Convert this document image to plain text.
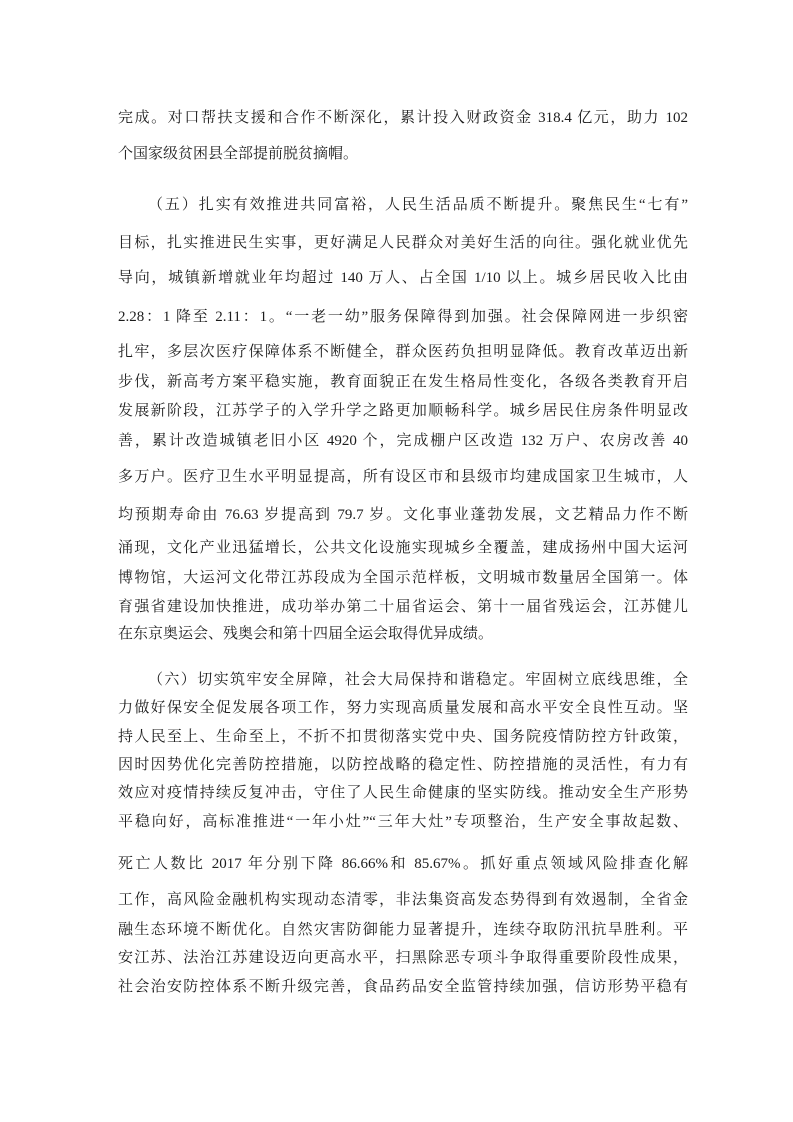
完成。对口帮扶支援和合作不断深化，累计投入财政资金 318.4 亿元，助力 102
个国家级贫困县全部提前脱贫摘帽。
（五）扎实有效推进共同富裕，人民生活品质不断提升。聚焦民生“七有”
目标，扎实推进民生实事，更好满足人民群众对美好生活的向往。强化就业优先
导向，城镇新增就业年均超过 140 万人、占全国 1/10 以上。城乡居民收入比由
2.28：1 降至 2.11：1。“一老一幼”服务保障得到加强。社会保障网进一步织密
扎牢，多层次医疗保障体系不断健全，群众医药负担明显降低。教育改革迈出新
步伐，新高考方案平稳实施，教育面貌正在发生格局性变化，各级各类教育开启
发展新阶段，江苏学子的入学升学之路更加顺畅科学。城乡居民住房条件明显改
善，累计改造城镇老旧小区 4920 个，完成棚户区改造 132 万户、农房改善 40
多万户。医疗卫生水平明显提高，所有设区市和县级市均建成国家卫生城市，人
均预期寿命由 76.63 岁提高到 79.7 岁。文化事业蓬勃发展，文艺精品力作不断
涌现，文化产业迅猛增长，公共文化设施实现城乡全覆盖，建成扬州中国大运河
博物馆，大运河文化带江苏段成为全国示范样板，文明城市数量居全国第一。体
育强省建设加快推进，成功举办第二十届省运会、第十一届省残运会，江苏健儿
在东京奥运会、残奥会和第十四届全运会取得优异成绩。
（六）切实筑牢安全屏障，社会大局保持和谐稳定。牢固树立底线思维，全
力做好保安全促发展各项工作，努力实现高质量发展和高水平安全良性互动。坚
持人民至上、生命至上，不折不扣贯彻落实党中央、国务院疫情防控方针政策，
因时因势优化完善防控措施，以防控战略的稳定性、防控措施的灵活性，有力有
效应对疫情持续反复冲击，守住了人民生命健康的坚实防线。推动安全生产形势
平稳向好，高标准推进“一年小灶”“三年大灶”专项整治，生产安全事故起数、
死亡人数比 2017 年分别下降 86.66%和 85.67%。抓好重点领域风险排查化解
工作，高风险金融机构实现动态清零，非法集资高发态势得到有效遏制，全省金
融生态环境不断优化。自然灾害防御能力显著提升，连续夺取防汛抗旱胜利。平
安江苏、法治江苏建设迈向更高水平，扫黑除恶专项斗争取得重要阶段性成果，
社会治安防控体系不断升级完善，食品药品安全监管持续加强，信访形势平稳有
